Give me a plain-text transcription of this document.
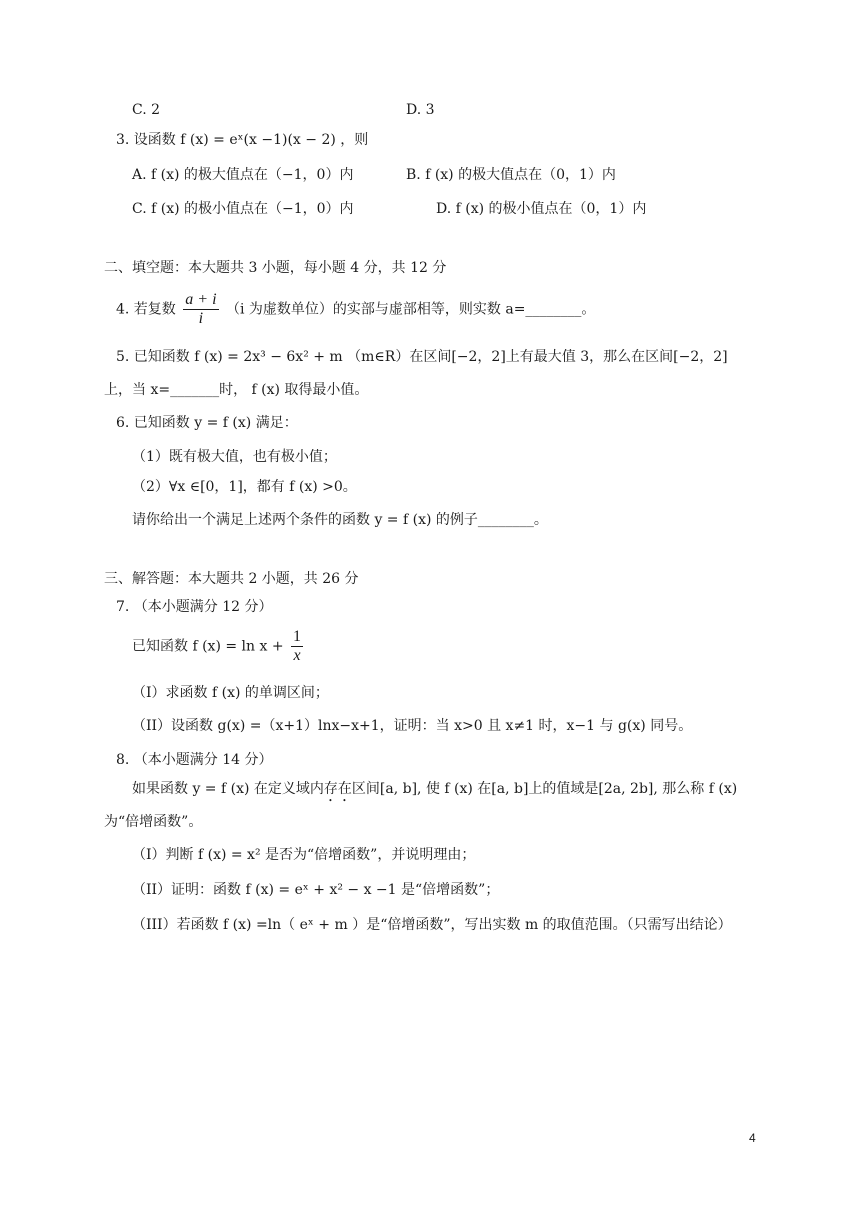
C. 2	D. 3
3. 设函数 f (x) = eˣ(x −1)(x − 2) ，则
A. f (x) 的极大值点在（−1，0）内	B. f (x) 的极大值点在（0，1）内
C. f (x) 的极小值点在（−1，0）内	D. f (x) 的极小值点在（0，1）内
二、填空题：本大题共 3 小题，每小题 4 分，共 12 分
4. 若复数 $\frac{a + i}{i} (i$ 为虚数单位）的实部与虚部相等，则实数 a=________。
5. 已知函数 f (x) = 2x³ − 6x² + m （m∈R）在区间[−2，2]上有最大值 3，那么在区间[−2，2]
上，当 x=_______时， f (x) 取得最小值。
6. 已知函数 y = f (x) 满足：
（1）既有极大值，也有极小值；
（2）∀x ∈[0，1]，都有 f (x) >0。
请你给出一个满足上述两个条件的函数 y = f (x) 的例子________。
三、解答题：本大题共 2 小题，共 26 分
7. （本小题满分 12 分）
已知函数 f $(x) = \ln x + \frac{1}{x}$
（I）求函数 f (x) 的单调区间；
（II）设函数 g(x) =（x+1）lnx−x+1，证明：当 x>0 且 x≠1 时，x−1 与 g(x) 同号。
8. （本小题满分 14 分）
如果函数 y = f (x) 在定义域内存在区间[a, b], 使 f (x) 在[a, b]上的值域是[2a, 2b], 那么称 f (x)
为“倍增函数”。
（I）判断 f (x) = x² 是否为“倍增函数”，并说明理由；
（II）证明：函数 f (x) = eˣ + x² − x −1 是“倍增函数”；
（III）若函数 f (x) =ln（ eˣ + m ）是“倍增函数”，写出实数 m 的取值范围。（只需写出结论）
4
